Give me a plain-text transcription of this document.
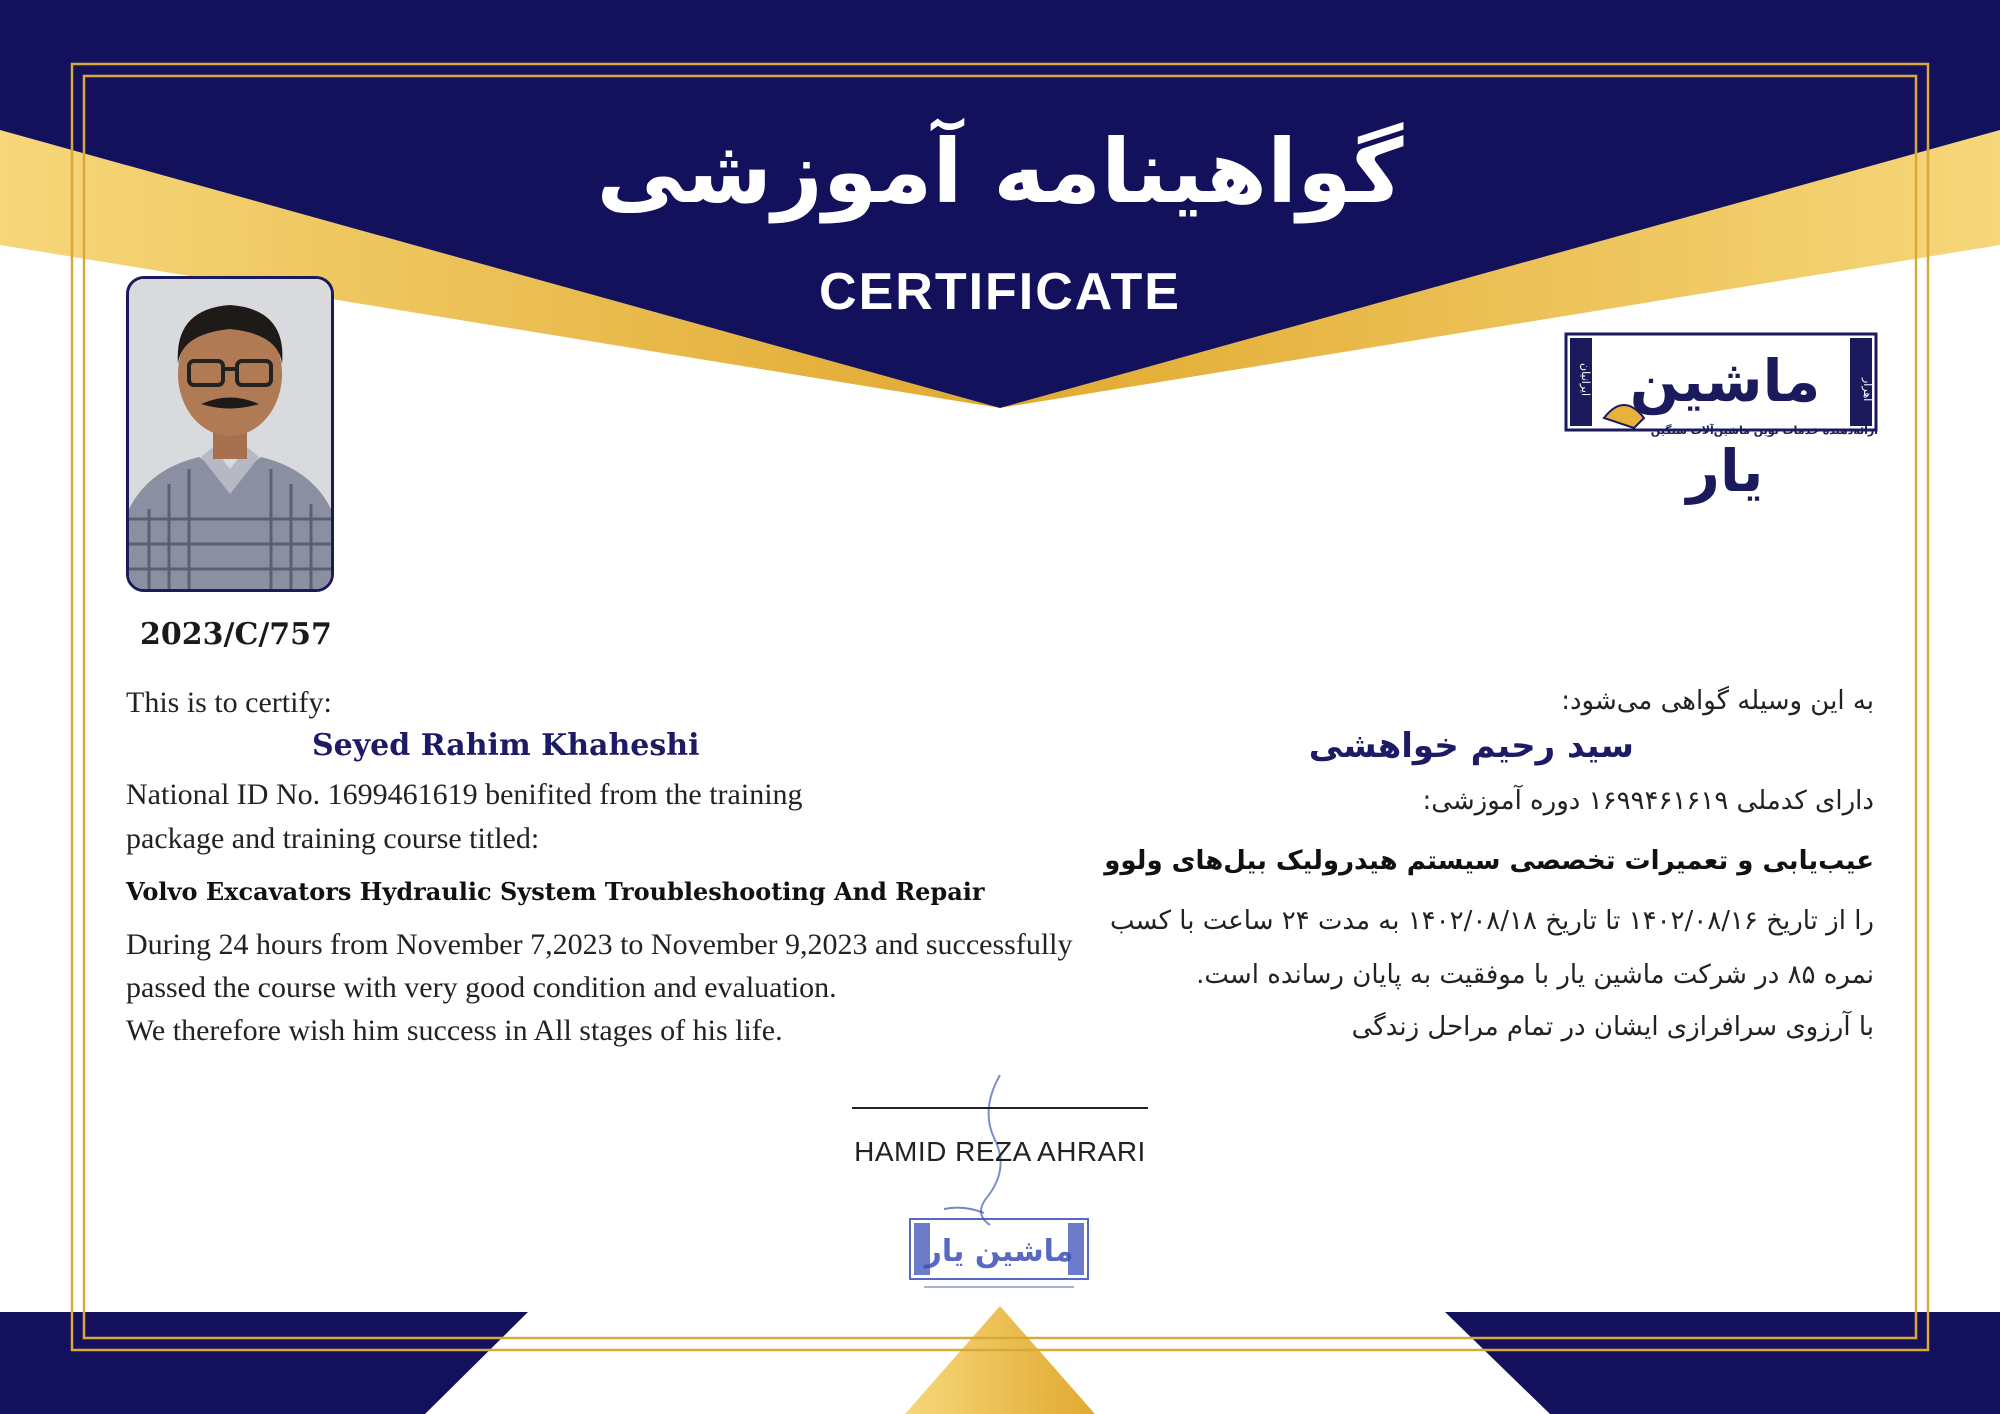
گواهینامه آموزشی
CERTIFICATE
2023/C/757
ماشین یار
اهرار
ایرانیان
ارائه‌دهنده خدمات نوین ماشین‌آلات سنگین
This is to certify:
Seyed Rahim Khaheshi
National ID No. 1699461619 benifited from the training
package and training course titled:
Volvo Excavators Hydraulic System Troubleshooting And Repair
During 24 hours from November 7,2023 to November 9,2023 and successfully
passed the course with very good condition and evaluation.
We therefore wish him success in All stages of his life.
به این وسیله گواهی می‌شود:
سید رحیم خواهشی
دارای کدملی ۱۶۹۹۴۶۱۶۱۹ دوره آموزشی:
عیب‌یابی و تعمیرات تخصصی سیستم هیدرولیک بیل‌های ولوو
را از تاریخ ۱۴۰۲/۰۸/۱۶ تا تاریخ ۱۴۰۲/۰۸/۱۸ به مدت ۲۴ ساعت با کسب
نمره ۸۵ در شرکت ماشین یار با موفقیت به پایان رسانده است.
با آرزوی سرافرازی ایشان در تمام مراحل زندگی
HAMID REZA AHRARI
ماشین یار
